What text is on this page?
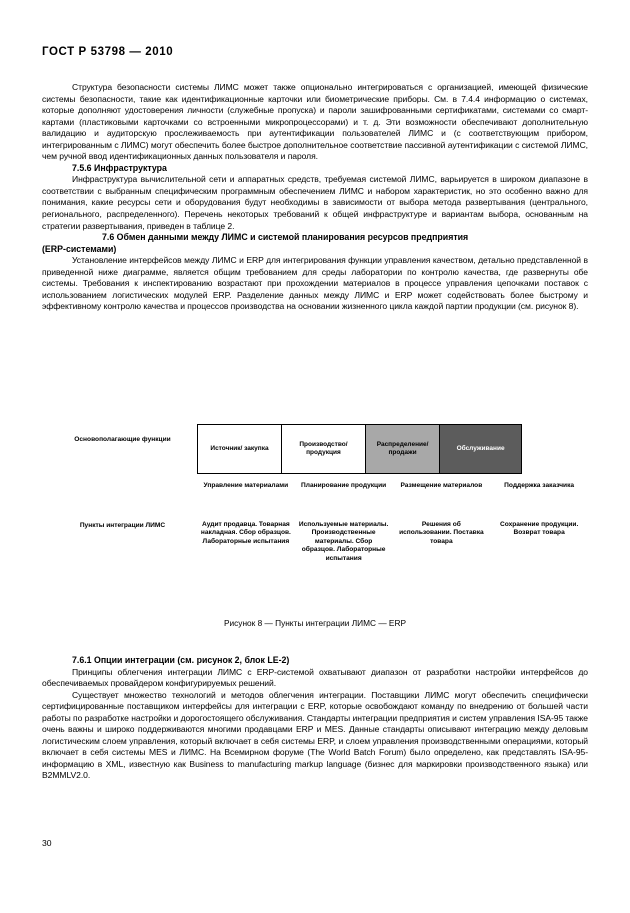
ГОСТ Р 53798 — 2010

Структура безопасности системы ЛИМС может также опционально интегрироваться с организацией, имеющей физические системы безопасности, такие как идентификационные карточки или биометрические приборы. См. в 7.4.4 информацию о системах, которые дополняют удостоверения личности (служебные пропуска) и пароли зашифрованными сертификатами, системами со смарт-картами (пластиковыми карточками со встроенными микропроцессорами) и т. д. Эти возможности обеспечивают дополнительную валидацию и аудиторскую прослеживаемость при аутентификации пользователей ЛИМС и (с соответствующим прибором, интегрированным с ЛИМС) могут обеспечить более быстрое дополнительное соответствие пассивной аутентификации с системой ЛИМС, чем ручной ввод идентификационных данных пользователя и пароля.

7.5.6 Инфраструктура

Инфраструктура вычислительной сети и аппаратных средств, требуемая системой ЛИМС, варьируется в широком диапазоне в соответствии с выбранным специфическим программным обеспечением ЛИМС и набором характеристик, но это особенно важно для понимания, какие ресурсы сети и оборудования будут необходимы в зависимости от выбора метода развертывания (центрального, регионального, распределенного). Перечень некоторых требований к общей инфраструктуре и вариантам выбора, основанным на стратегии развертывания, приведен в таблице 2.

7.6 Обмен данными между ЛИМС и системой планирования ресурсов предприятия
(ERP-системами)

Установление интерфейсов между ЛИМС и ERP для интегрирования функции управления качеством, детально представленной в приведенной ниже диаграмме, является общим требованием для среды лаборатории по контролю качества, где развернуты обе системы. Требования к инспектированию возрастают при прохождении материалов в процессе управления цепочками поставок с использованием логистических модулей ERP. Разделение данных между ЛИМС и ERP может содействовать более быстрому и эффективному контролю качества и процессов производства на основании жизненного цикла каждой партии продукции (см. рисунок 8).

Основополагающие функции
Источник/ закупка
Производство/ продукция
Распределение/ продажи
Обслуживание
Пункты интеграции ЛИМС
Управление материалами
Аудит продавца. Товарная накладная. Сбор образцов. Лабораторные испытания
Планирование продукции
Используемые материалы. Производственные материалы. Сбор образцов. Лабораторные испытания
Размещение материалов
Решения об использовании. Поставка товара
Поддержка заказчика
Сохранение продукции. Возврат товара
Рисунок 8 — Пункты интеграции ЛИМС — ERP
7.6.1 Опции интеграции (см. рисунок 2, блок LE-2)

Принципы облегчения интеграции ЛИМС с ERP-системой охватывают диапазон от разработки настройки интерфейсов до обеспечиваемых провайдером конфигурируемых решений.

Существует множество технологий и методов облегчения интеграции. Поставщики ЛИМС могут обеспечить специфически сертифицированные поставщиком интерфейсы для интеграции с ERP, которые освобождают команду по внедрению от большей части работы по разработке настройки и дорогостоящего обслуживания. Стандарты интеграции предприятия и систем управления ISA-95 также очень важны и широко поддерживаются многими продавцами ERP и MES. Данные стандарты описывают интеграцию между деловым логистическим слоем управления, который включает в себя системы ERP, и слоем управления производственными операциями, который включает в себя системы MES и ЛИМС. На Всемирном форуме (The World Batch Forum) было определено, как представлять ISA-95-информацию в XML, известную как Business to manufacturing markup language (бизнес для маркировки производственного языка) или B2MMLV2.0.

30
